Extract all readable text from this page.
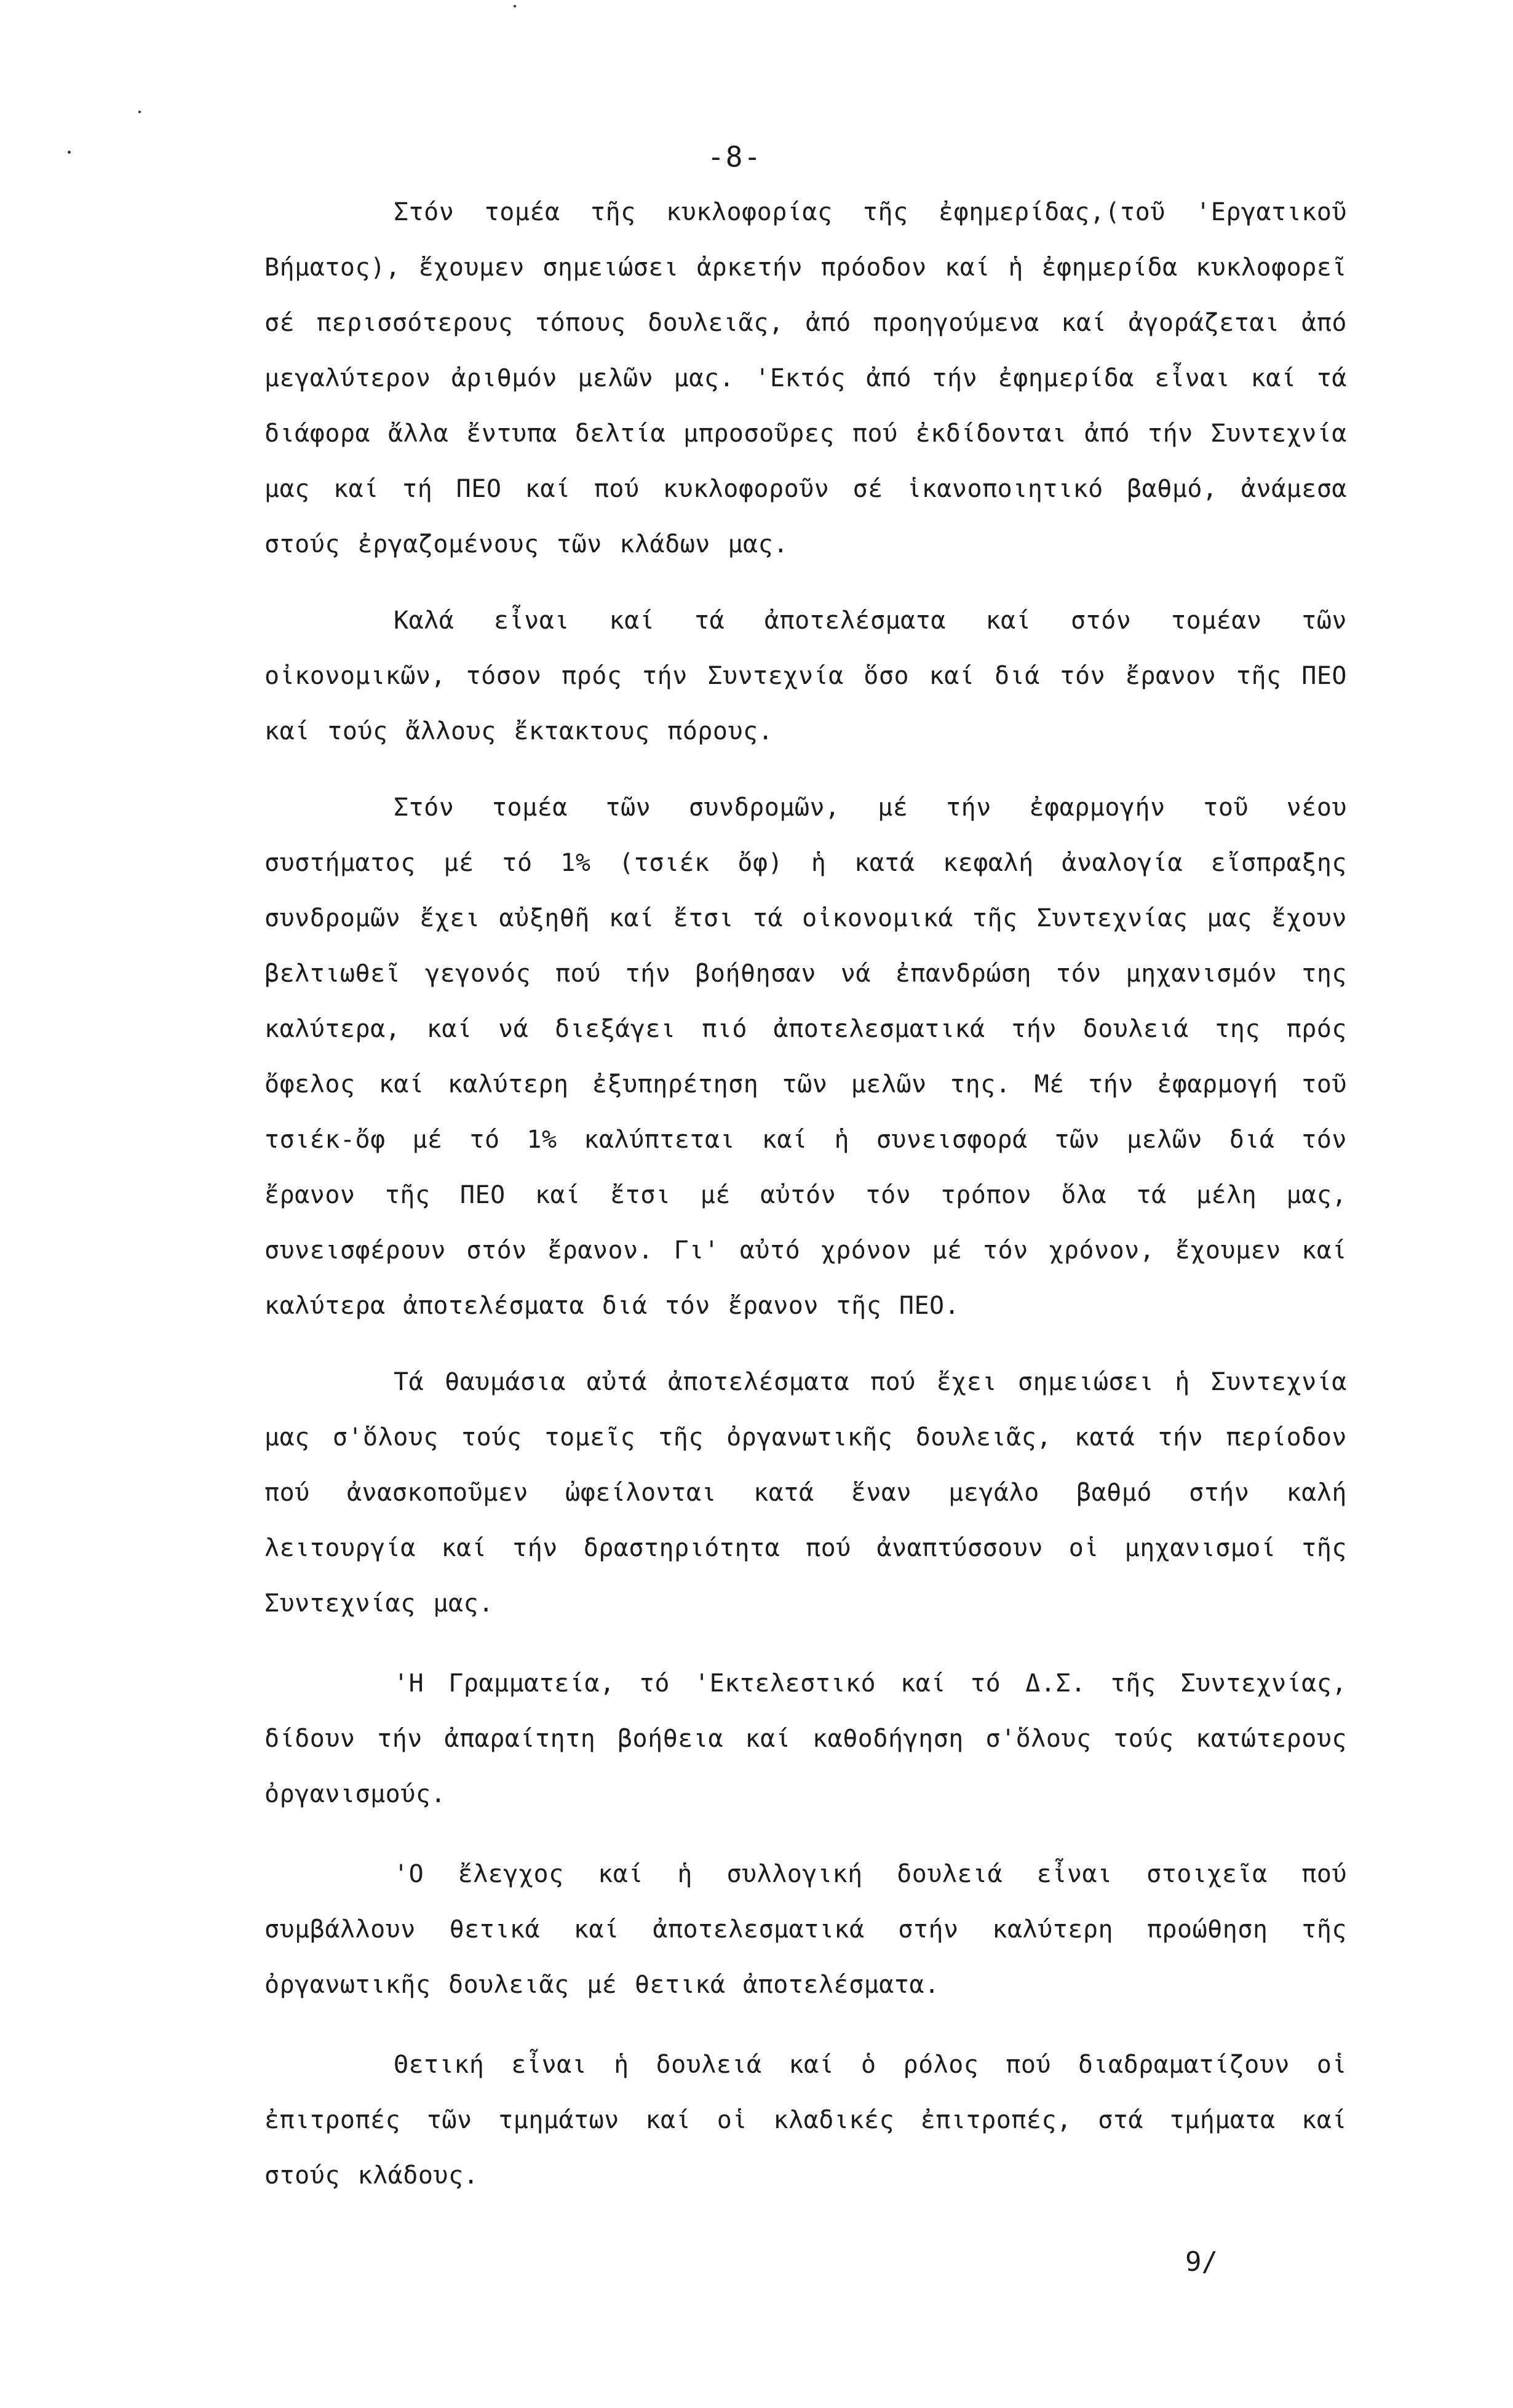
-8-

Στόν τομέα τῆς κυκλοφορίας τῆς ἐφημερίδας,(τοῦ 'Εργατικοῦ Βήματος), ἔχουμεν σημειώσει ἀρκετήν πρόοδον καί ἡ ἐφημερίδα κυκλοφορεῖ σέ περισσότερους τόπους δουλειᾶς, ἀπό προηγούμενα καί ἀγοράζεται ἀπό μεγαλύτερον ἀριθμόν μελῶν μας. 'Εκτός ἀπό τήν ἐφημερίδα εἶναι καί τά διάφορα ἄλλα ἔντυπα δελτία μπροσοῦρες πού ἐκδίδονται ἀπό τήν Συντεχνία μας καί τή ΠΕΟ καί πού κυκλοφοροῦν σέ ἱκανοποιητικό βαθμό, ἀνάμεσα στούς ἐργαζομένους τῶν κλάδων μας.

Καλά εἶναι καί τά ἀποτελέσματα καί στόν τομέαν τῶν οἰκονομικῶν, τόσον πρός τήν Συντεχνία ὅσο καί διά τόν ἔρανον τῆς ΠΕΟ καί τούς ἄλλους ἔκτακτους πόρους.

Στόν τομέα τῶν συνδρομῶν, μέ τήν ἐφαρμογήν τοῦ νέου συστήματος μέ τό 1% (τσιέκ ὄφ) ἡ κατά κεφαλή ἀναλογία εἴσπραξης συνδρομῶν ἔχει αὐξηθῆ καί ἔτσι τά οἰκονομικά τῆς Συντεχνίας μας ἔχουν βελτιωθεῖ γεγονός πού τήν βοήθησαν νά ἐπανδρώση τόν μηχανισμόν της καλύτερα, καί νά διεξάγει πιό ἀποτελεσματικά τήν δουλειά της πρός ὄφελος καί καλύτερη ἐξυπηρέτηση τῶν μελῶν της. Μέ τήν ἐφαρμογή τοῦ τσιέκ-ὄφ μέ τό 1% καλύπτεται καί ἡ συνεισφορά τῶν μελῶν διά τόν ἔρανον τῆς ΠΕΟ καί ἔτσι μέ αὐτόν τόν τρόπον ὅλα τά μέλη μας, συνεισφέρουν στόν ἔρανον. Γι' αὐτό χρόνον μέ τόν χρόνον, ἔχουμεν καί καλύτερα ἀποτελέσματα διά τόν ἔρανον τῆς ΠΕΟ.

Τά θαυμάσια αὐτά ἀποτελέσματα πού ἔχει σημειώσει ἡ Συντεχνία μας σ'ὅλους τούς τομεῖς τῆς ὀργανωτικῆς δουλειᾶς, κατά τήν περίοδον πού ἀνασκοποῦμεν ὠφείλονται κατά ἕναν μεγάλο βαθμό στήν καλή λειτουργία καί τήν δραστηριότητα πού ἀναπτύσσουν οἱ μηχανισμοί τῆς Συντεχνίας μας.

'Η Γραμματεία, τό 'Εκτελεστικό καί τό Δ.Σ. τῆς Συντεχνίας, δίδουν τήν ἀπαραίτητη βοήθεια καί καθοδήγηση σ'ὅλους τούς κατώτερους ὀργανισμούς.

'Ο ἔλεγχος καί ἡ συλλογική δουλειά εἶναι στοιχεῖα πού συμβάλλουν θετικά καί ἀποτελεσματικά στήν καλύτερη προώθηση τῆς ὀργανωτικῆς δουλειᾶς μέ θετικά ἀποτελέσματα.

Θετική εἶναι ἡ δουλειά καί ὁ ρόλος πού διαδραματίζουν οἱ ἐπιτροπές τῶν τμημάτων καί οἱ κλαδικές ἐπιτροπές, στά τμήματα καί στούς κλάδους.

9/
